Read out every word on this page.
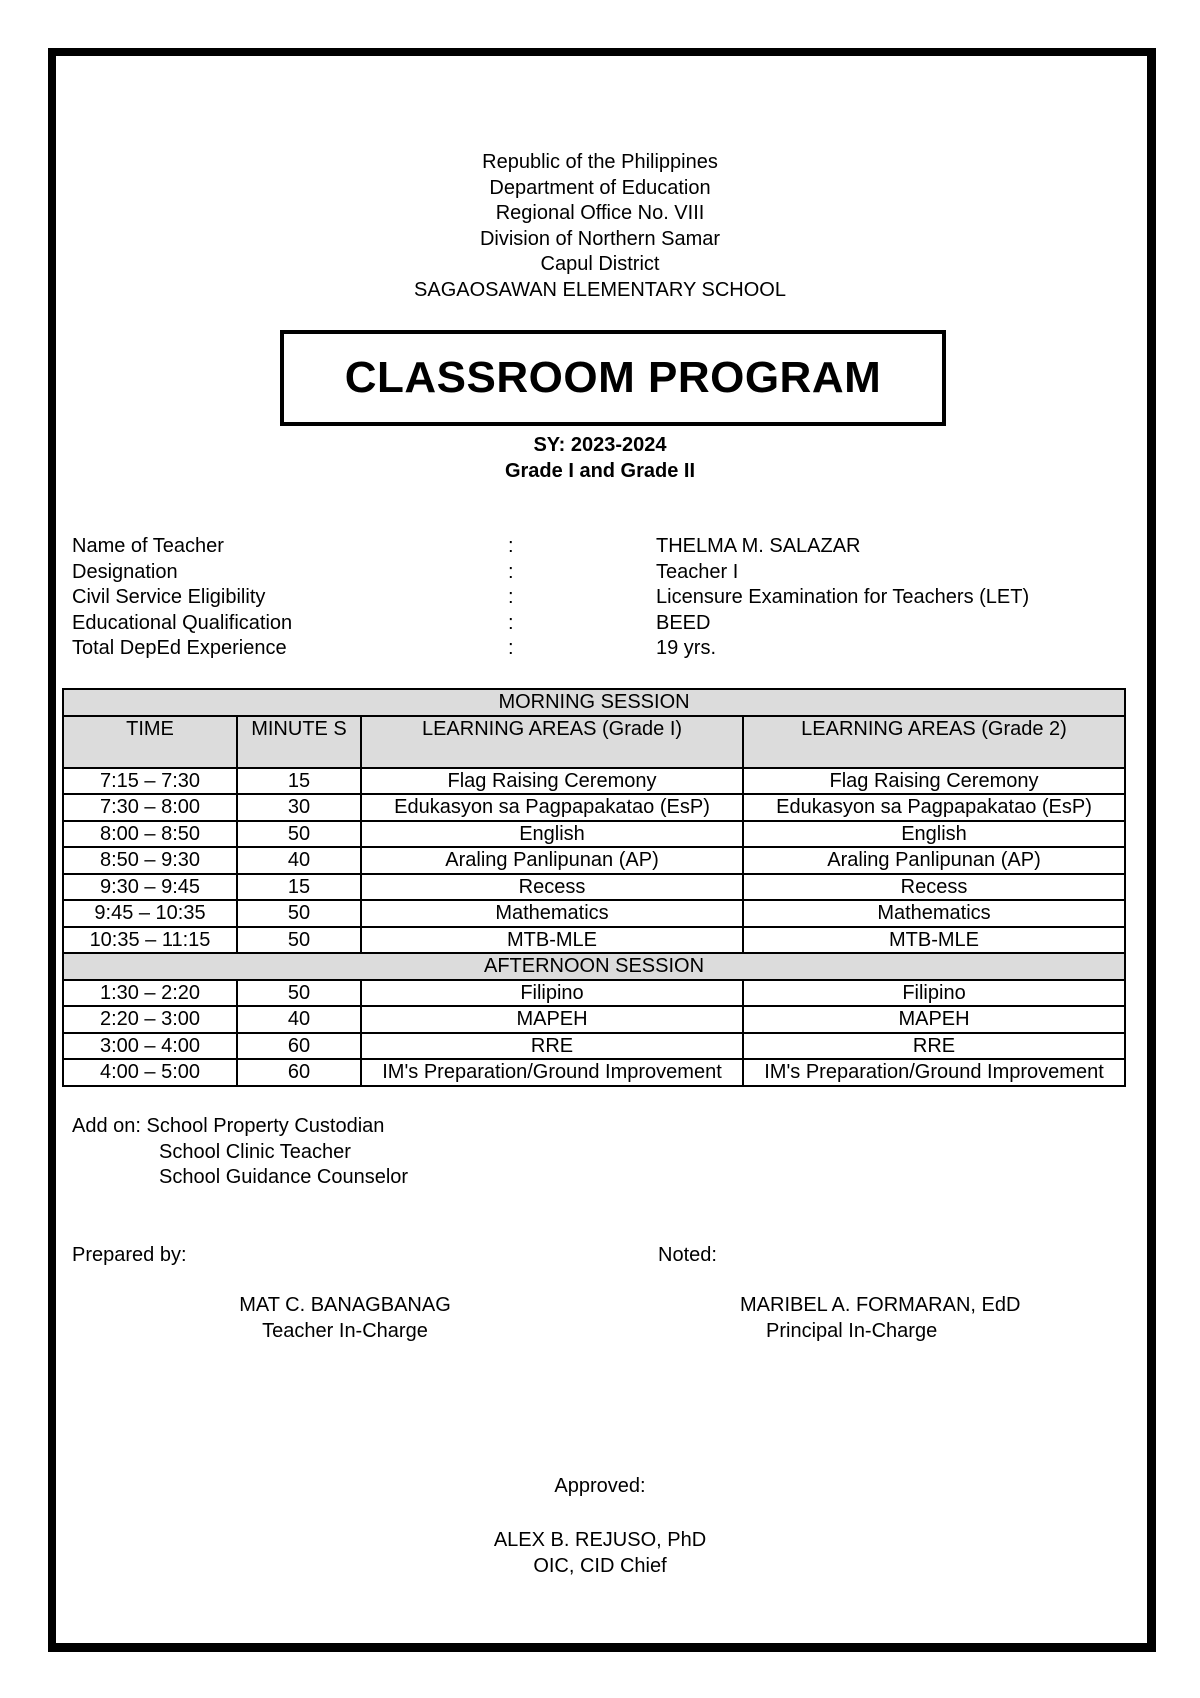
Republic of the Philippines
Department of Education
Regional Office No. VIII
Division of Northern Samar
Capul District
SAGAOSAWAN ELEMENTARY SCHOOL
CLASSROOM PROGRAM
SY: 2023-2024
Grade I and Grade II
Name of Teacher	:	THELMA M. SALAZAR
Designation	:	Teacher I
Civil Service Eligibility	:	Licensure Examination for Teachers (LET)
Educational Qualification	:	BEED
Total DepEd Experience	:	19 yrs.
MORNING SESSION			
TIME	MINUTE S	LEARNING AREAS (Grade I)	LEARNING AREAS (Grade 2)
7:15 – 7:30	15	Flag Raising Ceremony	Flag Raising Ceremony
7:30 – 8:00	30	Edukasyon sa Pagpapakatao (EsP)	Edukasyon sa Pagpapakatao (EsP)
8:00 – 8:50	50	English	English
8:50 – 9:30	40	Araling Panlipunan (AP)	Araling Panlipunan (AP)
9:30 – 9:45	15	Recess	Recess
9:45 – 10:35	50	Mathematics	Mathematics
10:35 – 11:15	50	MTB-MLE	MTB-MLE
AFTERNOON SESSION			
1:30 – 2:20	50	Filipino	Filipino
2:20 – 3:00	40	MAPEH	MAPEH
3:00 – 4:00	60	RRE	RRE
4:00 – 5:00	60	IM's Preparation/Ground Improvement	IM's Preparation/Ground Improvement
Add on: School Property Custodian
School Clinic Teacher
School Guidance Counselor
Prepared by:	Noted:
MAT C. BANAGBANAG
Teacher In-Charge
MARIBEL A. FORMARAN, EdD
Principal In-Charge
Approved:
ALEX B. REJUSO, PhD
OIC, CID Chief
